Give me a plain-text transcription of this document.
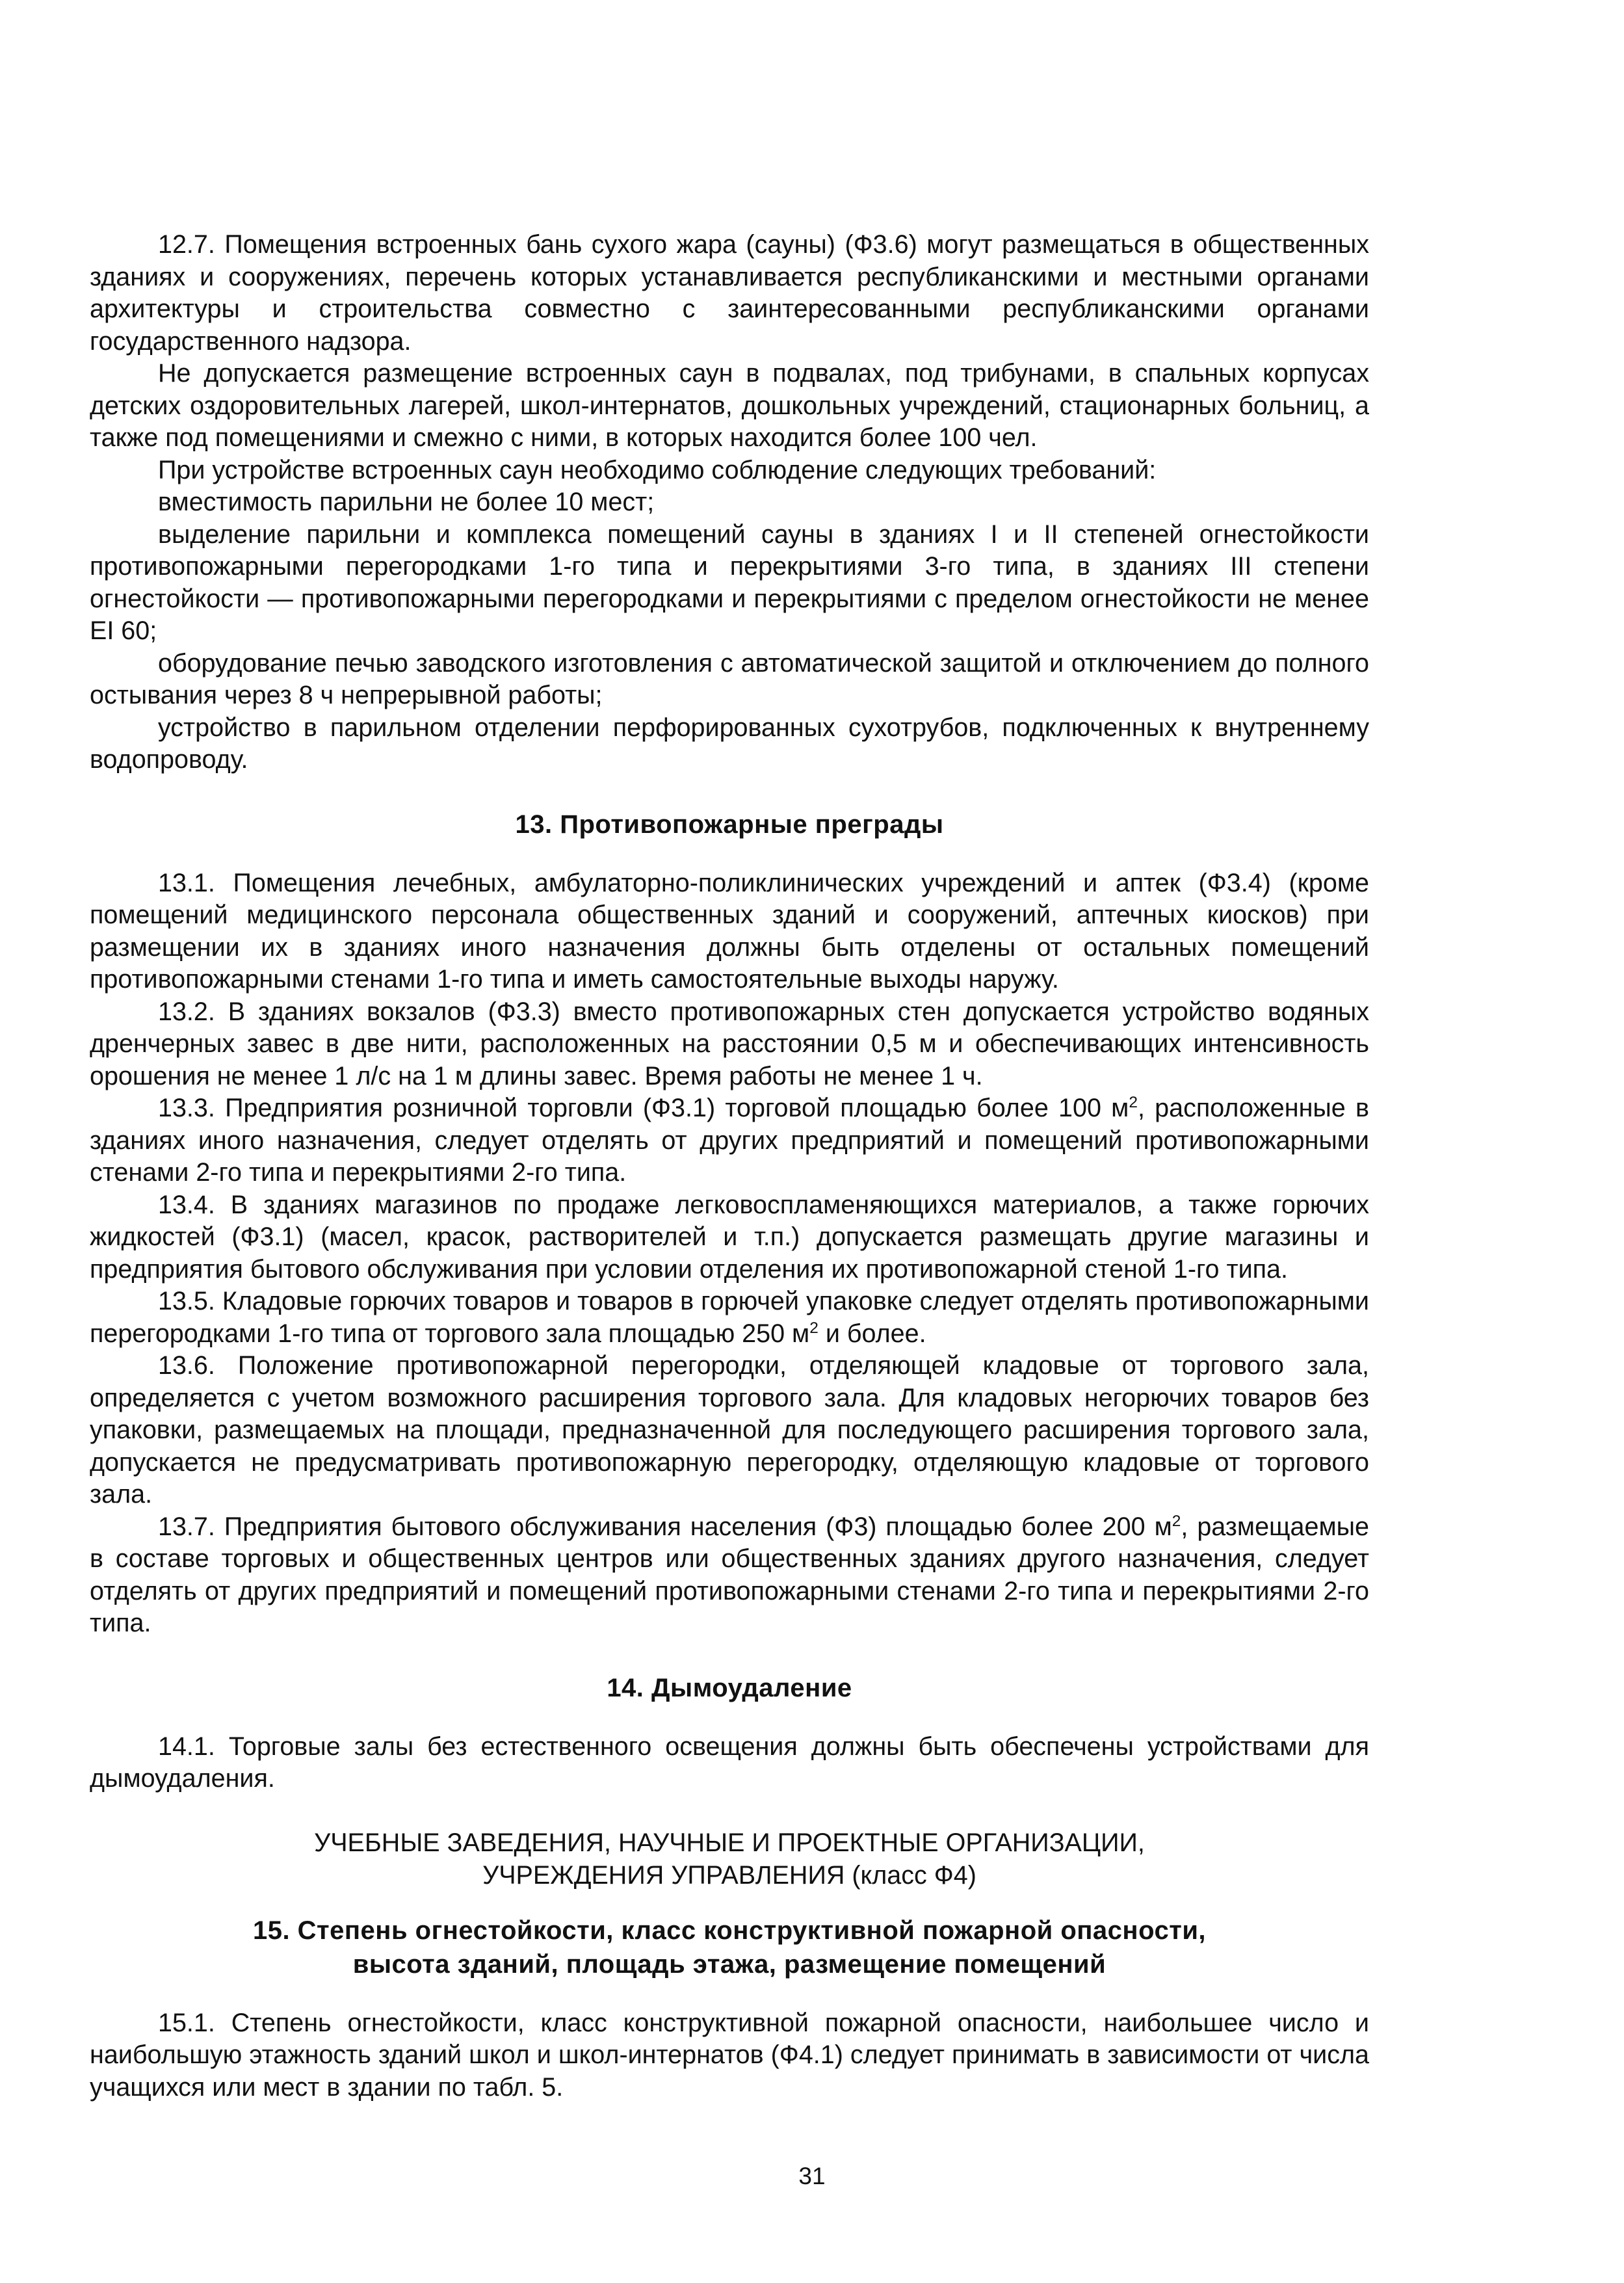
12.7. Помещения встроенных бань сухого жара (сауны) (Ф3.6) могут размещаться в общественных зданиях и сооружениях, перечень которых устанавливается республиканскими и местными органами архитектуры и строительства совместно с заинтересованными республиканскими органами государственного надзора.

Не допускается размещение встроенных саун в подвалах, под трибунами, в спальных корпусах детских оздоровительных лагерей, школ-интернатов, дошкольных учреждений, стационарных больниц, а также под помещениями и смежно с ними, в которых находится более 100 чел.

При устройстве встроенных саун необходимо соблюдение следующих требований:

вместимость парильни не более 10 мест;

выделение парильни и комплекса помещений сауны в зданиях I и II степеней огнестойкости противопожарными перегородками 1-го типа и перекрытиями 3-го типа, в зданиях III степени огнестойкости — противопожарными перегородками и перекрытиями с пределом огнестойкости не менее EI 60;

оборудование печью заводского изготовления с автоматической защитой и отключением до полного остывания через 8 ч непрерывной работы;

устройство в парильном отделении перфорированных сухотрубов, подключенных к внутреннему водопроводу.

13. Противопожарные преграды

13.1. Помещения лечебных, амбулаторно-поликлинических учреждений и аптек (Ф3.4) (кроме помещений медицинского персонала общественных зданий и сооружений, аптечных киосков) при размещении их в зданиях иного назначения должны быть отделены от остальных помещений противопожарными стенами 1-го типа и иметь самостоятельные выходы наружу.

13.2. В зданиях вокзалов (Ф3.3) вместо противопожарных стен допускается устройство водяных дренчерных завес в две нити, расположенных на расстоянии 0,5 м и обеспечивающих интенсивность орошения не менее 1 л/с на 1 м длины завес. Время работы не менее 1 ч.

13.3. Предприятия розничной торговли (Ф3.1) торговой площадью более 100 $м^2$, расположенные в зданиях иного назначения, следует отделять от других предприятий и помещений противопожарными стенами 2-го типа и перекрытиями 2-го типа.

13.4. В зданиях магазинов по продаже легковоспламеняющихся материалов, а также горючих жидкостей (Ф3.1) (масел, красок, растворителей и т.п.) допускается размещать другие магазины и предприятия бытового обслуживания при условии отделения их противопожарной стеной 1-го типа.

13.5. Кладовые горючих товаров и товаров в горючей упаковке следует отделять противопожарными перегородками 1-го типа от торгового зала площадью 250 $м^2$ и более.

13.6. Положение противопожарной перегородки, отделяющей кладовые от торгового зала, определяется с учетом возможного расширения торгового зала. Для кладовых негорючих товаров без упаковки, размещаемых на площади, предназначенной для последующего расширения торгового зала, допускается не предусматривать противопожарную перегородку, отделяющую кладовые от торгового зала.

13.7. Предприятия бытового обслуживания населения (Ф3) площадью более 200 $м^2$, размещаемые в составе торговых и общественных центров или общественных зданиях другого назначения, следует отделять от других предприятий и помещений противопожарными стенами 2-го типа и перекрытиями 2-го типа.

14. Дымоудаление

14.1. Торговые залы без естественного освещения должны быть обеспечены устройствами для дымоудаления.

УЧЕБНЫЕ ЗАВЕДЕНИЯ, НАУЧНЫЕ И ПРОЕКТНЫЕ ОРГАНИЗАЦИИ,
УЧРЕЖДЕНИЯ УПРАВЛЕНИЯ (класс Ф4)
15. Степень огнестойкости, класс конструктивной пожарной опасности,
высота зданий, площадь этажа, размещение помещений

15.1. Степень огнестойкости, класс конструктивной пожарной опасности, наибольшее число и наибольшую этажность зданий школ и школ-интернатов (Ф4.1) следует принимать в зависимости от числа учащихся или мест в здании по табл. 5.

31
